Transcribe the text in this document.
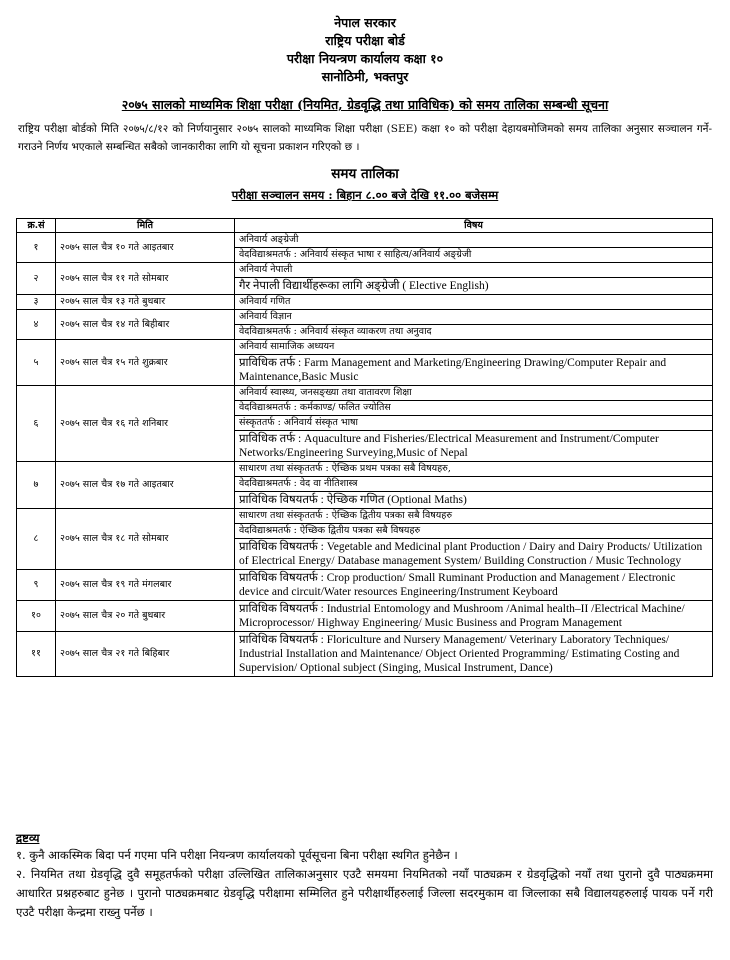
नेपाल सरकार
राष्ट्रिय परीक्षा बोर्ड
परीक्षा नियन्त्रण कार्यालय कक्षा १०
सानोठिमी, भक्तपुर
२०७५ सालको माध्यमिक शिक्षा परीक्षा (नियमित, ग्रेडवृद्धि तथा प्राविधिक) को समय तालिका सम्बन्धी सूचना
राष्ट्रिय परीक्षा बोर्डको मिति २०७५/८/१२ को निर्णयानुसार २०७५ सालको माध्यमिक शिक्षा परीक्षा (SEE) कक्षा १० को परीक्षा देहायबमोजिमको समय तालिका अनुसार सञ्चालन गर्ने-गराउने निर्णय भएकाले सम्बन्धित सबैको जानकारीका लागि यो सूचना प्रकाशन गरिएको छ ।
समय तालिका
परीक्षा सञ्चालन समय : बिहान ८.०० बजे देखि ११.०० बजेसम्म
क्र.सं	मिति	विषय
१	२०७५ साल चैत्र १० गते आइतबार	अनिवार्य अङ्ग्रेजी
		वेदविद्याश्रमतर्फ : अनिवार्य संस्कृत भाषा र साहित्य/अनिवार्य अङ्ग्रेजी
२	२०७५ साल चैत्र ११ गते सोमबार	अनिवार्य नेपाली
		गैर नेपाली विद्यार्थीहरूका लागि अङ्ग्रेजी ( Elective English)
३	२०७५ साल चैत्र १३ गते बुधबार	अनिवार्य गणित
४	२०७५ साल चैत्र १४ गते बिहीबार	अनिवार्य विज्ञान
		वेदविद्याश्रमतर्फ : अनिवार्य संस्कृत व्याकरण तथा अनुवाद
५	२०७५ साल चैत्र १५ गते शुक्रबार	अनिवार्य सामाजिक अध्ययन
		प्राविधिक तर्फ : Farm Management and Marketing/Engineering Drawing/Computer Repair and Maintenance,Basic Music
६	२०७५ साल चैत्र १६ गते शनिबार	अनिवार्य स्वास्थ्य, जनसङ्ख्या तथा वातावरण शिक्षा
		वेदविद्याश्रमतर्फ : कर्मकाण्ड/ फलित ज्योतिस
		संस्कृततर्फ : अनिवार्य संस्कृत भाषा
		प्राविधिक तर्फ : Aquaculture and Fisheries/Electrical Measurement and Instrument/Computer Networks/Engineering Surveying,Music of Nepal
७	२०७५ साल चैत्र १७ गते आइतबार	साधारण तथा संस्कृततर्फ : ऐच्छिक प्रथम पत्रका सबै विषयहरु,
		वेदविद्याश्रमतर्फ : वेद वा नीतिशास्त्र
		प्राविधिक विषयतर्फ : ऐच्छिक गणित (Optional Maths)
८	२०७५ साल चैत्र १८ गते सोमबार	साधारण तथा संस्कृततर्फ : ऐच्छिक द्वितीय पत्रका सबै विषयहरु
		वेदविद्याश्रमतर्फ : ऐच्छिक द्वितीय पत्रका सबै विषयहरु
		प्राविधिक विषयतर्फ : Vegetable and Medicinal plant Production / Dairy and Dairy Products/ Utilization of Electrical Energy/ Database management System/ Building Construction / Music Technology
९	२०७५ साल चैत्र १९ गते मंगलबार	प्राविधिक विषयतर्फ : Crop production/ Small Ruminant Production and Management / Electronic device and circuit/Water resources Engineering/Instrument Keyboard
१०	२०७५ साल चैत्र २० गते बुधबार	प्राविधिक विषयतर्फ : Industrial Entomology and Mushroom /Animal health–II /Electrical Machine/ Microprocessor/ Highway Engineering/ Music Business and Program Management
११	२०७५ साल चैत्र २१ गते बिहिबार	प्राविधिक विषयतर्फ : Floriculture and Nursery Management/ Veterinary Laboratory Techniques/ Industrial Installation and Maintenance/ Object Oriented Programming/ Estimating Costing and Supervision/ Optional subject (Singing, Musical Instrument, Dance)
द्रष्टव्य

१. कुनै आकस्मिक बिदा पर्न गएमा पनि परीक्षा नियन्त्रण कार्यालयको पूर्वसूचना बिना परीक्षा स्थगित हुनेछैन ।

२. नियमित तथा ग्रेडवृद्धि दुवै समूहतर्फको परीक्षा उल्लिखित तालिकाअनुसार एउटै समयमा नियमितको नयाँ पाठ्यक्रम र ग्रेडवृद्धिको नयाँ तथा पुरानो दुवै पाठ्यक्रममा आधारित प्रश्नहरुबाट हुनेछ । पुरानो पाठ्यक्रमबाट ग्रेडवृद्धि परीक्षामा सम्मिलित हुने परीक्षार्थीहरुलाई जिल्ला सदरमुकाम वा जिल्लाका सबै विद्यालयहरुलाई पायक पर्ने गरी एउटै परीक्षा केन्द्रमा राख्नु पर्नेछ ।
